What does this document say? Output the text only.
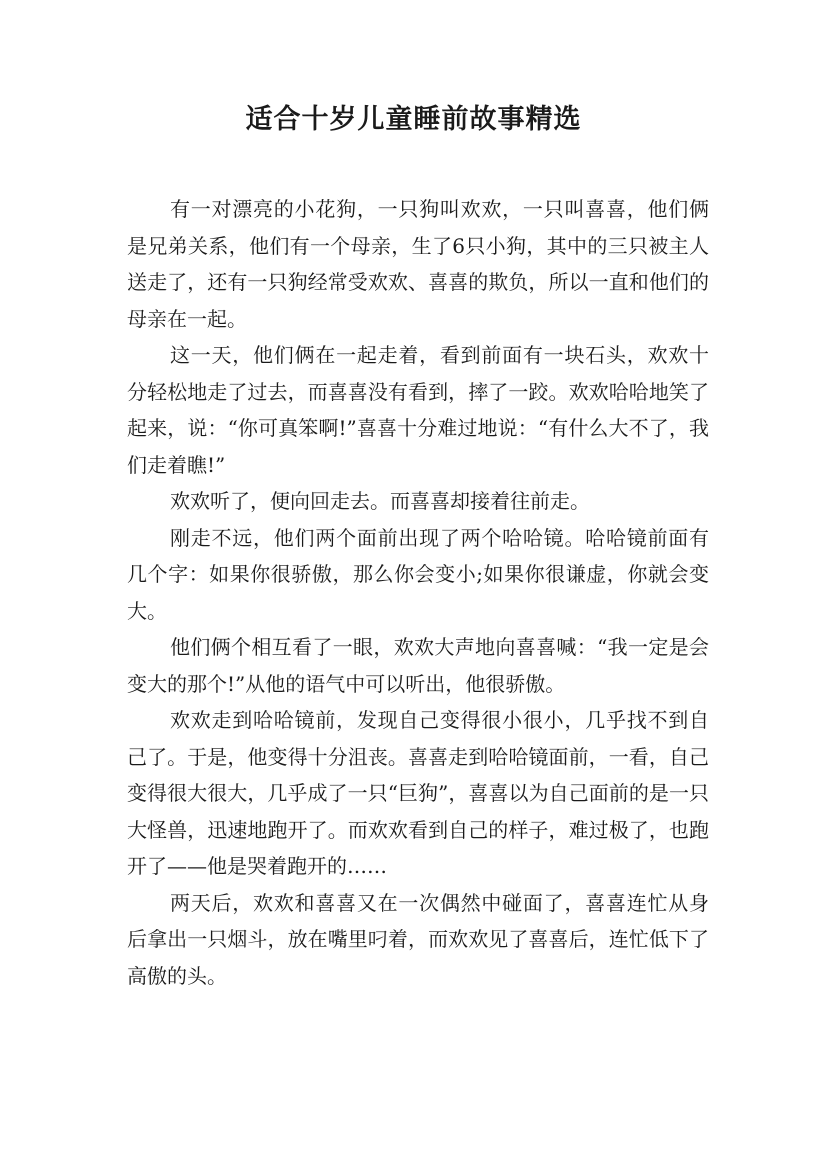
适合十岁儿童睡前故事精选

有一对漂亮的小花狗，一只狗叫欢欢，一只叫喜喜，他们俩是兄弟关系，他们有一个母亲，生了6只小狗，其中的三只被主人送走了，还有一只狗经常受欢欢、喜喜的欺负，所以一直和他们的母亲在一起。

这一天，他们俩在一起走着，看到前面有一块石头，欢欢十分轻松地走了过去，而喜喜没有看到，摔了一跤。欢欢哈哈地笑了起来，说：“你可真笨啊!”喜喜十分难过地说：“有什么大不了，我们走着瞧!”

欢欢听了，便向回走去。而喜喜却接着往前走。

刚走不远，他们两个面前出现了两个哈哈镜。哈哈镜前面有几个字：如果你很骄傲，那么你会变小;如果你很谦虚，你就会变大。

他们俩个相互看了一眼，欢欢大声地向喜喜喊：“我一定是会变大的那个!”从他的语气中可以听出，他很骄傲。

欢欢走到哈哈镜前，发现自己变得很小很小，几乎找不到自己了。于是，他变得十分沮丧。喜喜走到哈哈镜面前，一看，自己变得很大很大，几乎成了一只“巨狗”，喜喜以为自己面前的是一只大怪兽，迅速地跑开了。而欢欢看到自己的样子，难过极了，也跑开了——他是哭着跑开的……

两天后，欢欢和喜喜又在一次偶然中碰面了，喜喜连忙从身后拿出一只烟斗，放在嘴里叼着，而欢欢见了喜喜后，连忙低下了高傲的头。
